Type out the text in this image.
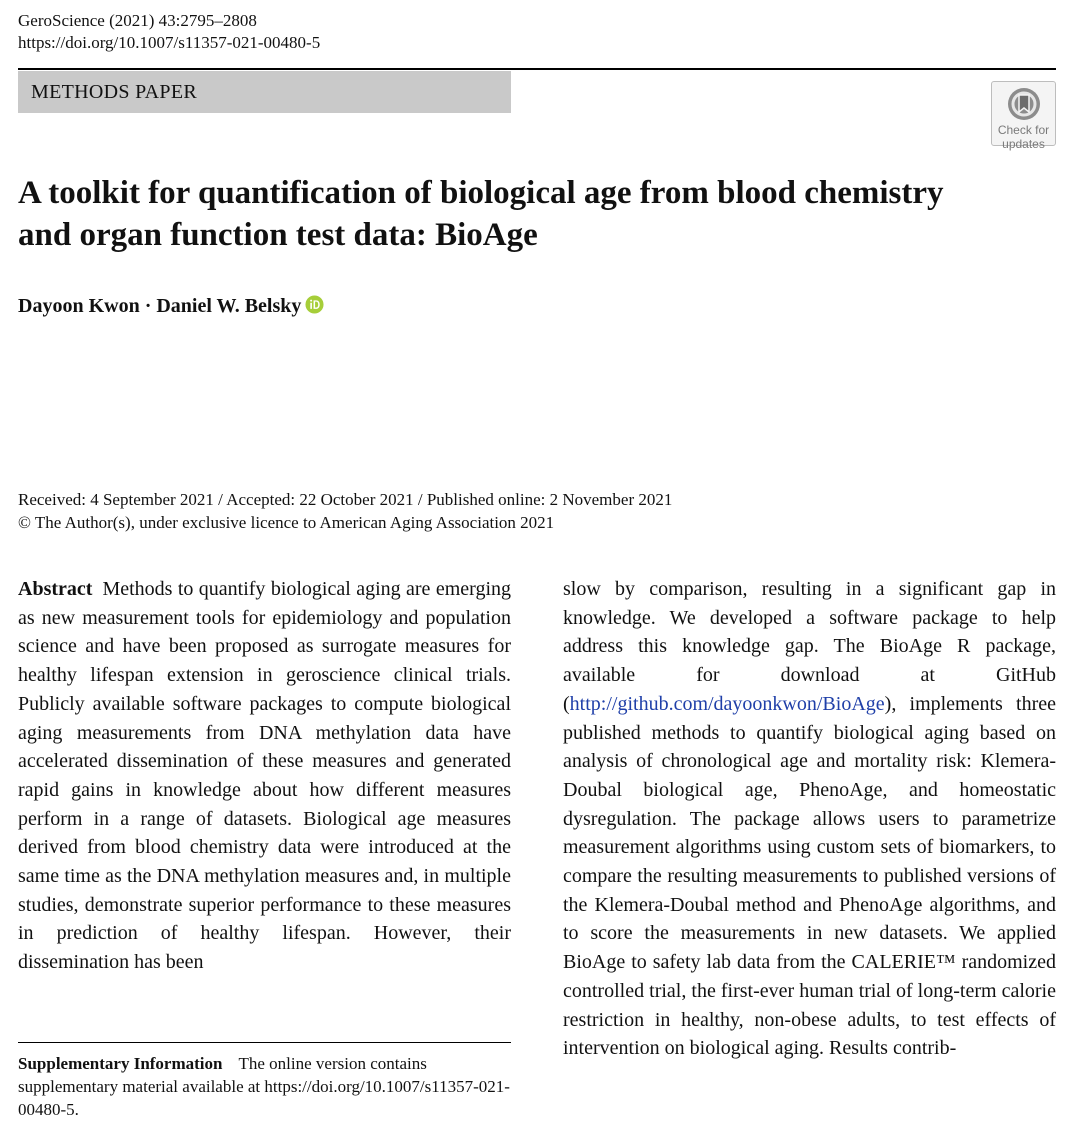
GeroScience (2021) 43:2795–2808
https://doi.org/10.1007/s11357-021-00480-5
METHODS PAPER
Check for
updates
A toolkit for quantification of biological age from blood chemistry and organ function test data: BioAge
Dayoon Kwon · Daniel W. Belsky
Received: 4 September 2021 / Accepted: 22 October 2021 / Published online: 2 November 2021
© The Author(s), under exclusive licence to American Aging Association 2021

Abstract Methods to quantify biological aging are emerging as new measurement tools for epidemiology and population science and have been proposed as surrogate measures for healthy lifespan extension in geroscience clinical trials. Publicly available software packages to compute biological aging measurements from DNA methylation data have accelerated dissemination of these measures and generated rapid gains in knowledge about how different measures perform in a range of datasets. Biological age measures derived from blood chemistry data were introduced at the same time as the DNA methylation measures and, in multiple studies, demonstrate superior performance to these measures in prediction of healthy lifespan. However, their dissemination has been

Supplementary Information The online version contains supplementary material available at https://doi.org/10.1007/s11357-021-00480-5.

slow by comparison, resulting in a significant gap in knowledge. We developed a software package to help address this knowledge gap. The BioAge R package, available for download at GitHub (http://github.com/dayoonkwon/BioAge), implements three published methods to quantify biological aging based on analysis of chronological age and mortality risk: Klemera-Doubal biological age, PhenoAge, and homeostatic dysregulation. The package allows users to parametrize measurement algorithms using custom sets of biomarkers, to compare the resulting measurements to published versions of the Klemera-Doubal method and PhenoAge algorithms, and to score the measurements in new datasets. We applied BioAge to safety lab data from the CALERIE™ randomized controlled trial, the first-ever human trial of long-term calorie restriction in healthy, non-obese adults, to test effects of intervention on biological aging. Results contrib-
